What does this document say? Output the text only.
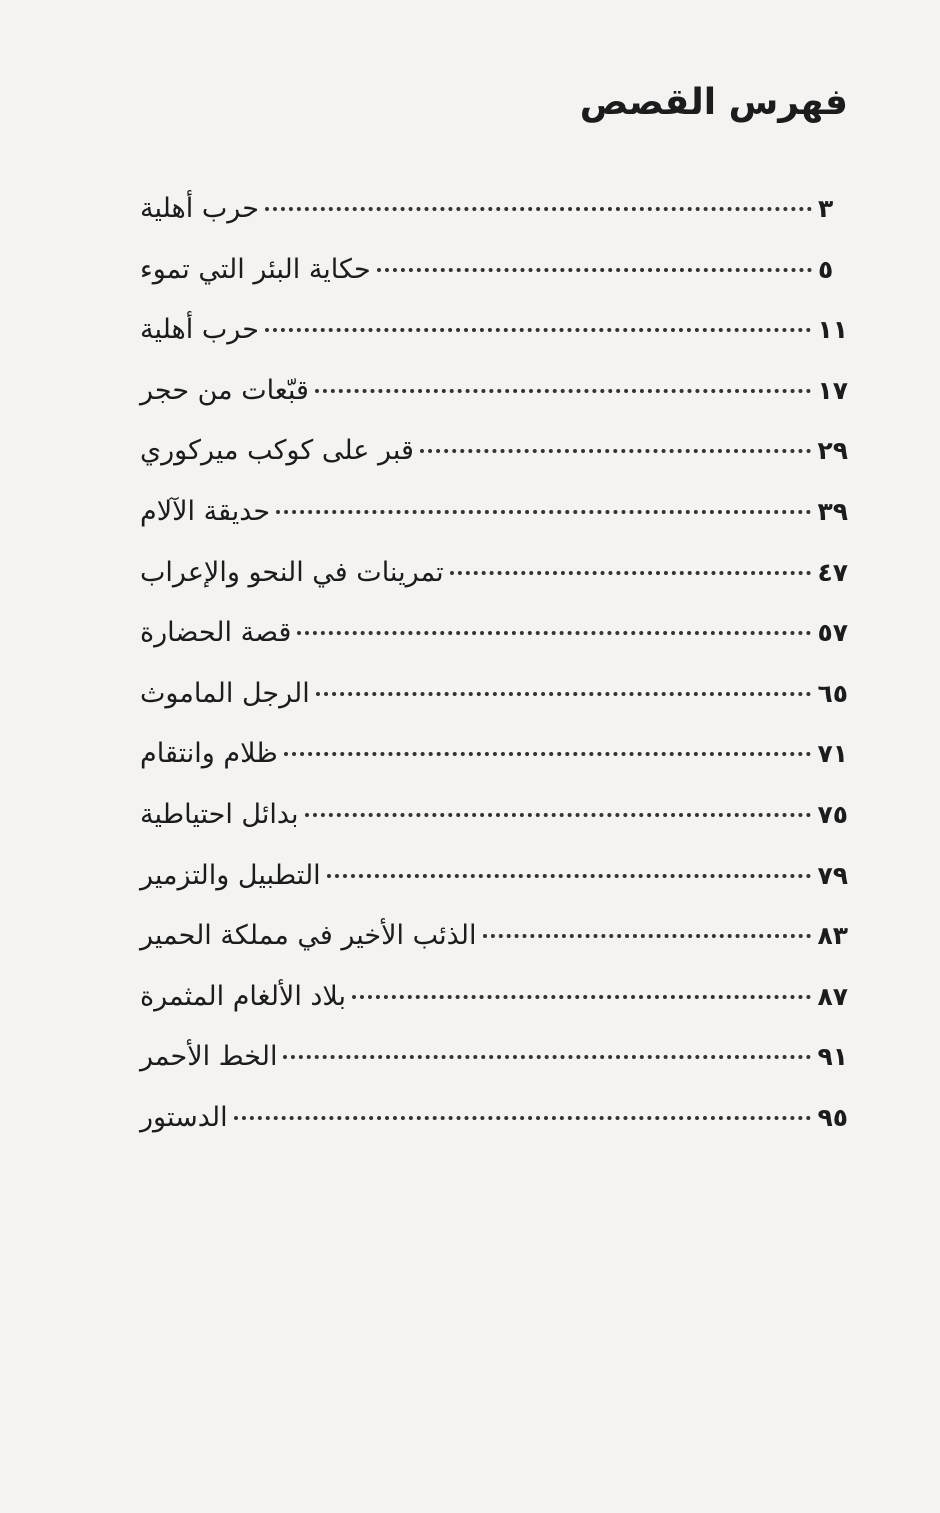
فهرس القصص
حرب أهلية	٣
حكاية البئر التي تموء	٥
حرب أهلية	١١
قبّعات من حجر	١٧
قبر على كوكب ميركوري	٢٩
حديقة الآلام	٣٩
تمرينات في النحو والإعراب	٤٧
قصة الحضارة	٥٧
الرجل الماموث	٦٥
ظلام وانتقام	٧١
بدائل احتياطية	٧٥
التطبيل والتزمير	٧٩
الذئب الأخير في مملكة الحمير	٨٣
بلاد الألغام المثمرة	٨٧
الخط الأحمر	٩١
الدستور	٩٥
